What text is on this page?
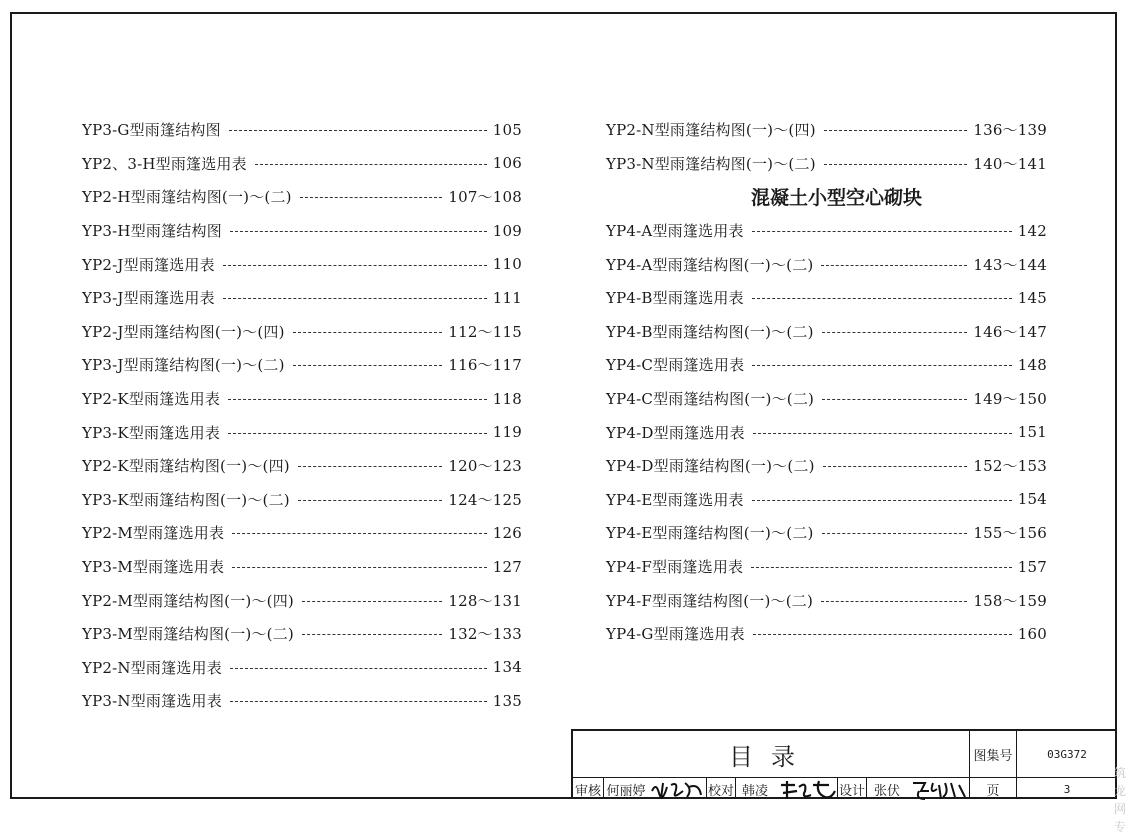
YP3-G型雨篷结构图	105
YP2、3-H型雨篷选用表	106
YP2-H型雨篷结构图(一)～(二)	107～108
YP3-H型雨篷结构图	109
YP2-J型雨篷选用表	110
YP3-J型雨篷选用表	111
YP2-J型雨篷结构图(一)～(四)	112～115
YP3-J型雨篷结构图(一)～(二)	116～117
YP2-K型雨篷选用表	118
YP3-K型雨篷选用表	119
YP2-K型雨篷结构图(一)～(四)	120～123
YP3-K型雨篷结构图(一)～(二)	124～125
YP2-M型雨篷选用表	126
YP3-M型雨篷选用表	127
YP2-M型雨篷结构图(一)～(四)	128～131
YP3-M型雨篷结构图(一)～(二)	132～133
YP2-N型雨篷选用表	134
YP3-N型雨篷选用表	135
YP2-N型雨篷结构图(一)～(四)	136～139
YP3-N型雨篷结构图(一)～(二)	140～141
混凝土小型空心砌块
YP4-A型雨篷选用表	142
YP4-A型雨篷结构图(一)～(二)	143～144
YP4-B型雨篷选用表	145
YP4-B型雨篷结构图(一)～(二)	146～147
YP4-C型雨篷选用表	148
YP4-C型雨篷结构图(一)～(二)	149～150
YP4-D型雨篷选用表	151
YP4-D型雨篷结构图(一)～(二)	152～153
YP4-E型雨篷选用表	154
YP4-E型雨篷结构图(一)～(二)	155～156
YP4-F型雨篷选用表	157
YP4-F型雨篷结构图(一)～(二)	158～159
YP4-G型雨篷选用表	160
目录	图集号	03G372
审核 何丽婷	校对 韩凌	设计 张伏	页	3
筑龙网 专
